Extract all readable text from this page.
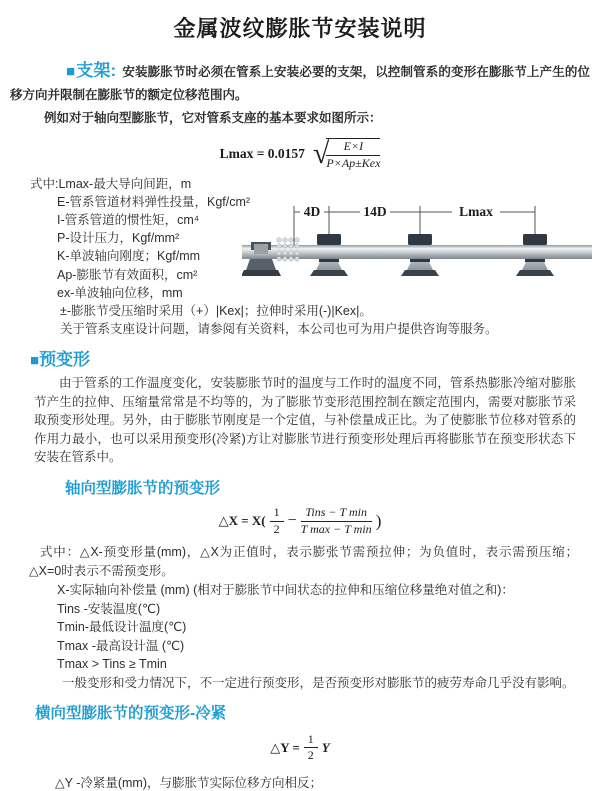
金属波纹膨胀节安装说明

■支架: 安装膨胀节时必须在管系上安装必要的支架，以控制管系的变形在膨胀节上产生的位移方向并限制在膨胀节的额定位移范围内。

例如对于轴向型膨胀节，它对管系支座的基本要求如图所示：

Lmax = 0.0157 √
$\frac{E\times I}{\text{P×Ap±Kex}}$
式中:Lmax-最大导向间距，m
E-管系管道材料弹性投量，Kgf/cm²
I-管系管道的惯性矩，cm⁴
P-设计压力，Kgf/mm²
K-单波轴向刚度；Kgf/mm
Ap-膨胀节有效面积，cm²
ex-单波轴向位移，mm
±-膨胀节受压缩时采用（+）|Kex|；拉伸时采用(-)|Kex|。
关于管系支座设计问题，请参阅有关资料，本公司也可为用户提供咨询等服务。
4D	14D	Lmax
■预变形

由于管系的工作温度变化，安装膨胀节时的温度与工作时的温度不同，管系热膨胀冷缩对膨胀节产生的拉伸、压缩量常常是不均等的，为了膨胀节变形范围控制在额定范围内，需要对膨胀节采取预变形处理。另外，由于膨胀节刚度是一个定值，与补偿量成正比。为了使膨胀节位移对管系的作用力最小，也可以采用预变形(冷紧)方让对膨胀节进行预变形处理后再将膨胀节在预变形状态下安装在管系中。

轴向型膨胀节的预变形
△X = $X( \frac{1}{2} - \frac{\text{Tins − T min}}{\text{T max − T min}}$ )

式中：△X-预变形量(mm)，△X为正值时，表示膨张节需预拉伸；为负值时，表示需预压缩；△X=0时表示不需预变形。

X-实际轴向补偿量 (mm) (相对于膨胀节中间状态的拉伸和压缩位移量绝对值之和)：
Tins -安装温度(℃)
Tmin-最低设计温度(℃)
Tmax -最高设计温 (℃)
Tmax > Tins ≥ Tmin

一般变形和受力情况下，不一定进行预变形，是否预变形对膨胀节的疲劳寿命几乎没有影响。

横向型膨胀节的预变形-冷紧
△Y = $\frac{1}{2}$ Y

△Y -冷紧量(mm)，与膨胀节实际位移方向相反；
